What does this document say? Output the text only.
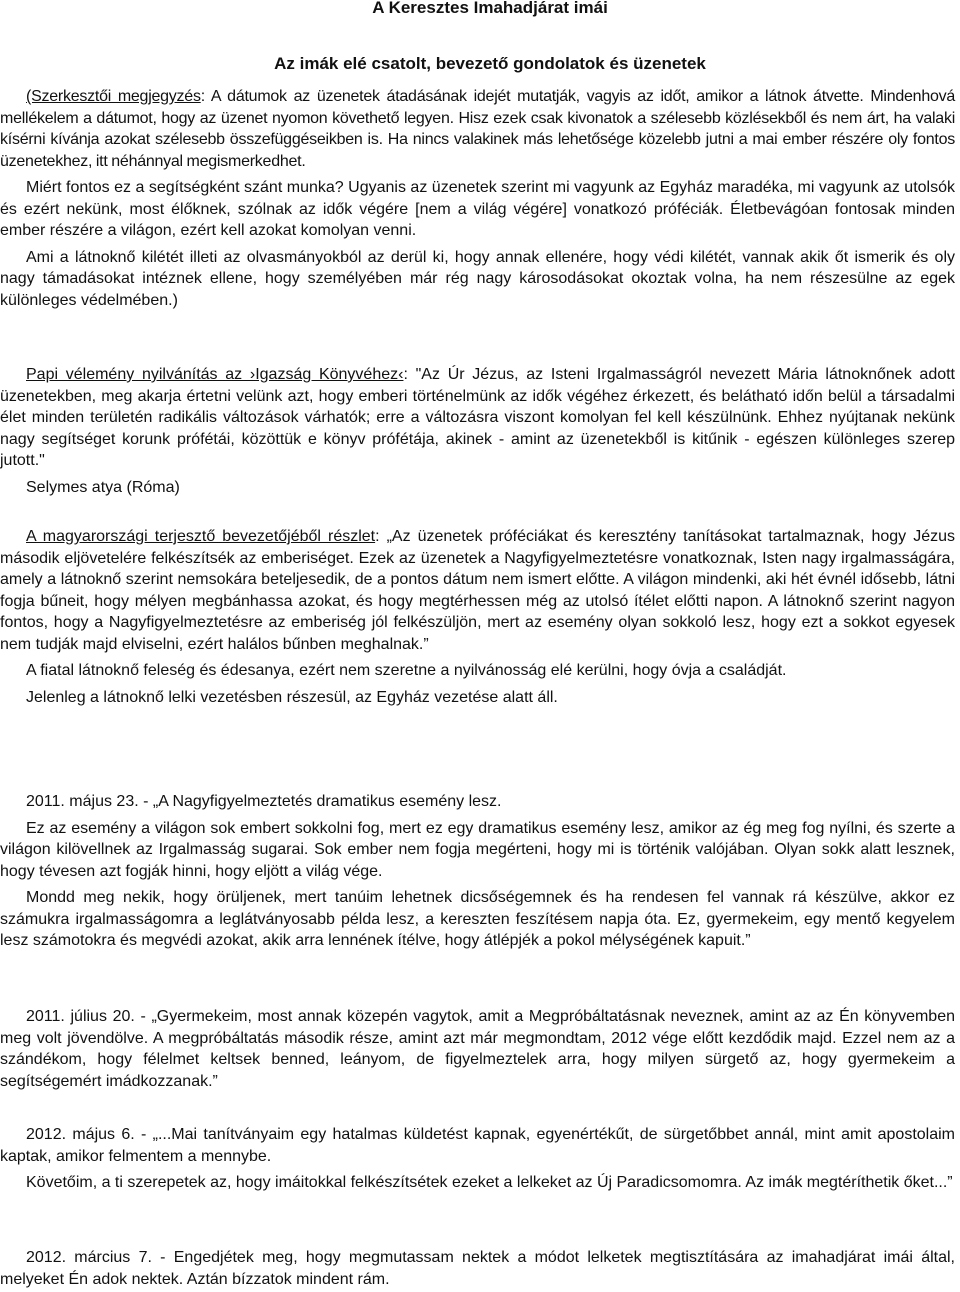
A Keresztes Imahadjárat imái
Az imák elé csatolt, bevezető gondolatok és üzenetek

(Szerkesztői megjegyzés: A dátumok az üzenetek átadásának idejét mutatják, vagyis az időt, amikor a látnok átvette. Mindenhová mellékelem a dátumot, hogy az üzenet nyomon követhető legyen. Hisz ezek csak kivonatok a szélesebb közlésekből és nem árt, ha valaki kísérni kívánja azokat szélesebb összefüggéseikben is. Ha nincs valakinek más lehetősége közelebb jutni a mai ember részére oly fontos üzenetekhez, itt néhánnyal megismerkedhet.

Miért fontos ez a segítségként szánt munka? Ugyanis az üzenetek szerint mi vagyunk az Egyház maradéka, mi vagyunk az utolsók és ezért nekünk, most élőknek, szólnak az idők végére [nem a világ végére] vonatkozó próféciák. Életbevágóan fontosak minden ember részére a világon, ezért kell azokat komolyan venni.

Ami a látnoknő kilétét illeti az olvasmányokból az derül ki, hogy annak ellenére, hogy védi kilétét, vannak akik őt ismerik és oly nagy támadásokat intéznek ellene, hogy személyében már rég nagy károsodásokat okoztak volna, ha nem részesülne az egek különleges védelmében.)

Papi vélemény nyilvánítás az ›Igazság Könyvéhez‹: "Az Úr Jézus, az Isteni Irgalmasságról nevezett Mária látnoknőnek adott üzenetekben, meg akarja értetni velünk azt, hogy emberi történelmünk az idők végéhez érkezett, és belátható időn belül a társadalmi élet minden területén radikális változások várhatók; erre a változásra viszont komolyan fel kell készülnünk. Ehhez nyújtanak nekünk nagy segítséget korunk prófétái, közöttük e könyv prófétája, akinek - amint az üzenetekből is kitűnik - egészen különleges szerep jutott."

Selymes atya (Róma)

A magyarországi terjesztő bevezetőjéből részlet: „Az üzenetek próféciákat és keresztény tanításokat tartalmaznak, hogy Jézus második eljövetelére felkészítsék az emberiséget. Ezek az üzenetek a Nagyfigyelmeztetésre vonatkoznak, Isten nagy irgalmasságára, amely a látnoknő szerint nemsokára beteljesedik, de a pontos dátum nem ismert előtte. A világon mindenki, aki hét évnél idősebb, látni fogja bűneit, hogy mélyen megbánhassa azokat, és hogy megtérhessen még az utolsó ítélet előtti napon. A látnoknő szerint nagyon fontos, hogy a Nagyfigyelmeztetésre az emberiség jól felkészüljön, mert az esemény olyan sokkoló lesz, hogy ezt a sokkot egyesek nem tudják majd elviselni, ezért halálos bűnben meghalnak.”

A fiatal látnoknő feleség és édesanya, ezért nem szeretne a nyilvánosság elé kerülni, hogy óvja a családját.

Jelenleg a látnoknő lelki vezetésben részesül, az Egyház vezetése alatt áll.

2011. május 23. - „A Nagyfigyelmeztetés dramatikus esemény lesz.

Ez az esemény a világon sok embert sokkolni fog, mert ez egy dramatikus esemény lesz, amikor az ég meg fog nyílni, és szerte a világon kilövellnek az Irgalmasság sugarai. Sok ember nem fogja megérteni, hogy mi is történik valójában. Olyan sokk alatt lesznek, hogy tévesen azt fogják hinni, hogy eljött a világ vége.

Mondd meg nekik, hogy örüljenek, mert tanúim lehetnek dicsőségemnek és ha rendesen fel vannak rá készülve, akkor ez számukra irgalmasságomra a leglátványosabb példa lesz, a kereszten feszítésem napja óta. Ez, gyermekeim, egy mentő kegyelem lesz számotokra és megvédi azokat, akik arra lennének ítélve, hogy átlépjék a pokol mélységének kapuit.”

2011. július 20. - „Gyermekeim, most annak közepén vagytok, amit a Megpróbáltatásnak neveznek, amint az az Én könyvemben meg volt jövendölve. A megpróbáltatás második része, amint azt már megmondtam, 2012 vége előtt kezdődik majd. Ezzel nem az a szándékom, hogy félelmet keltsek benned, leányom, de figyelmeztelek arra, hogy milyen sürgető az, hogy gyermekeim a segítségemért imádkozzanak.”

2012. május 6. - „...Mai tanítványaim egy hatalmas küldetést kapnak, egyenértékűt, de sürgetőbbet annál, mint amit apostolaim kaptak, amikor felmentem a mennybe.

Követőim, a ti szerepetek az, hogy imáitokkal felkészítsétek ezeket a lelkeket az Új Paradicsomomra. Az imák megtéríthetik őket...”

2012. március 7. - Engedjétek meg, hogy megmutassam nektek a módot lelketek megtisztítására az imahadjárat imái által, melyeket Én adok nektek. Aztán bízzatok mindent rám.
